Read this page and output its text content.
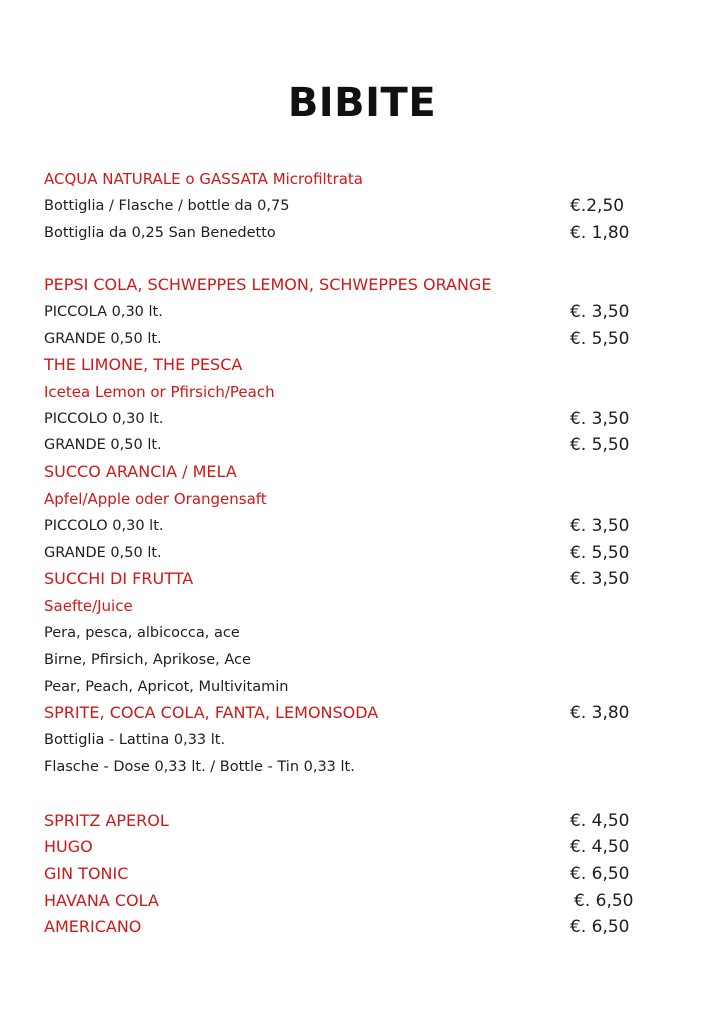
BIBITE
ACQUA NATURALE o GASSATA Microfiltrata
Bottiglia / Flasche / bottle da 0,75	€.2,50
Bottiglia da 0,25 San Benedetto	€. 1,80
PEPSI COLA, SCHWEPPES LEMON, SCHWEPPES ORANGE
PICCOLA 0,30 lt.	€. 3,50
GRANDE 0,50 lt.	€. 5,50
THE LIMONE, THE PESCA
Icetea Lemon or Pfirsich/Peach
PICCOLO 0,30 lt.	€. 3,50
GRANDE 0,50 lt.	€. 5,50
SUCCO ARANCIA / MELA
Apfel/Apple oder Orangensaft
PICCOLO 0,30 lt.	€. 3,50
GRANDE 0,50 lt.	€. 5,50
SUCCHI DI FRUTTA	€. 3,50
Saefte/Juice
Pera, pesca, albicocca, ace
Birne, Pfirsich, Aprikose, Ace
Pear, Peach, Apricot, Multivitamin
SPRITE, COCA COLA, FANTA, LEMONSODA	€. 3,80
Bottiglia - Lattina 0,33 lt.
Flasche - Dose 0,33 lt. / Bottle - Tin 0,33 lt.
SPRITZ APEROL	€. 4,50
HUGO	€. 4,50
GIN TONIC	€. 6,50
HAVANA COLA	€. 6,50
AMERICANO	€. 6,50
